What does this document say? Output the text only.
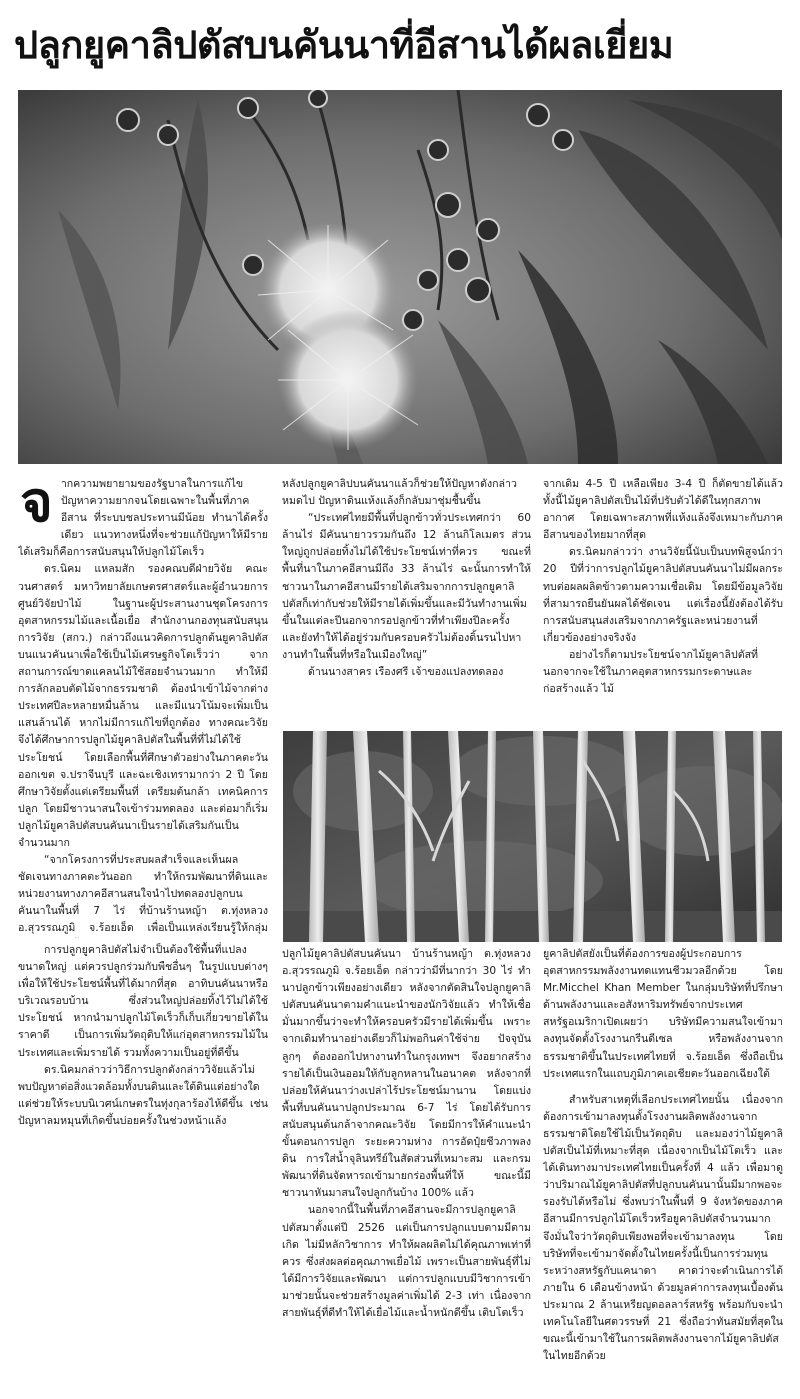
ปลูกยูคาลิปตัสบนคันนาที่อีสานได้ผลเยี่ยม

จากความพยายามของรัฐบาลในการแก้ไขปัญหาความยากจนโดยเฉพาะในพื้นที่ภาคอีสาน ที่ระบบชลประทานมีน้อย ทำนาได้ครั้งเดียว แนวทางหนึ่งที่จะช่วยแก้ปัญหาให้มีรายได้เสริมก็คือการสนับสนุนให้ปลูกไม้โตเร็ว

ดร.นิคม แหลมสัก รองคณบดีฝ่ายวิจัย คณะวนศาสตร์ มหาวิทยาลัยเกษตรศาสตร์และผู้อำนวยการศูนย์วิจัยป่าไม้ ในฐานะผู้ประสานงานชุดโครงการอุตสาหกรรมไม้และเนื้อเยื่อ สำนักงานกองทุนสนับสนุนการวิจัย (สกว.) กล่าวถึงแนวคิดการปลูกต้นยูคาลิปตัสบนแนวคันนาเพื่อใช้เป็นไม้เศรษฐกิจโตเร็วว่า จากสถานการณ์ขาดแคลนไม้ใช้สอยจำนวนมาก ทำให้มีการลักลอบตัดไม้จากธรรมชาติ ต้องนำเข้าไม้จากต่างประเทศปีละหลายหมื่นล้าน และมีแนวโน้มจะเพิ่มเป็นแสนล้านได้ หากไม่มีการแก้ไขที่ถูกต้อง ทางคณะวิจัยจึงได้ศึกษาการปลูกไม้ยูคาลิปตัสในพื้นที่ที่ไม่ได้ใช้ประโยชน์ โดยเลือกพื้นที่ศึกษาตัวอย่างในภาคตะวันออกเขต จ.ปราจีนบุรี และฉะเชิงเทรามากว่า 2 ปี โดยศึกษาวิจัยตั้งแต่เตรียมพื้นที่ เตรียมต้นกล้า เทคนิคการปลูก โดยมีชาวนาสนใจเข้าร่วมทดลอง และต่อมาก็เริ่มปลูกไม้ยูคาลิปตัสบนคันนาเป็นรายได้เสริมกันเป็นจำนวนมาก

“จากโครงการที่ประสบผลสำเร็จและเห็นผลชัดเจนทางภาคตะวันออก ทำให้กรมพัฒนาที่ดินและหน่วยงานทางภาคอีสานสนใจนำไปทดลองปลูกบนคันนาในพื้นที่ 7 ไร่ ที่บ้านร้านหญ้า ต.ทุ่งหลวง อ.สุวรรณภูมิ จ.ร้อยเอ็ด เพื่อเป็นแหล่งเรียนรู้ให้กลุ่ม

หลังปลูกยูคาลิปบนคันนาแล้วก็ช่วยให้ปัญหาดังกล่าวหมดไป ปัญหาดินแห้งแล้งก็กลับมาชุ่มชื้นขึ้น

“ประเทศไทยมีพื้นที่ปลูกข้าวทั่วประเทศกว่า 60 ล้านไร่ มีคันนายาวรวมกันถึง 12 ล้านกิโลเมตร ส่วนใหญ่ถูกปล่อยทิ้งไม่ได้ใช้ประโยชน์เท่าที่ควร ขณะที่พื้นที่นาในภาคอีสานมีถึง 33 ล้านไร่ ฉะนั้นการทำให้ชาวนาในภาคอีสานมีรายได้เสริมจากการปลูกยูคาลิปตัสก็เท่ากับช่วยให้มีรายได้เพิ่มขึ้นและมีวันทำงานเพิ่มขึ้นในแต่ละปีนอกจากรอปลูกข้าวที่ทำเพียงปีละครั้ง และยังทำให้ได้อยู่ร่วมกับครอบครัวไม่ต้องดิ้นรนไปหางานทำในพื้นที่หรือในเมืองใหญ่”

ด้านนางสาคร เรืองศรี เจ้าของแปลงทดลอง

จากเดิม 4-5 ปี เหลือเพียง 3-4 ปี ก็ตัดขายได้แล้ว ทั้งนี้ไม้ยูคาลิปตัสเป็นไม้ที่ปรับตัวได้ดีในทุกสภาพอากาศ โดยเฉพาะสภาพที่แห้งแล้งจึงเหมาะกับภาคอีสานของไทยมากที่สุด

ดร.นิคมกล่าวว่า งานวิจัยนี้นับเป็นบทพิสูจน์กว่า 20 ปีที่ว่าการปลูกไม้ยูคาลิปตัสบนคันนาไม่มีผลกระทบต่อผลผลิตข้าวตามความเชื่อเดิม โดยมีข้อมูลวิจัยที่สามารถยืนยันผลได้ชัดเจน แต่เรื่องนี้ยังต้องได้รับการสนับสนุนส่งเสริมจากภาครัฐและหน่วยงานที่เกี่ยวข้องอย่างจริงจัง

อย่างไรก็ตามประโยชน์จากไม้ยูคาลิปตัสที่นอกจากจะใช้ในภาคอุตสาหกรรมกระดาษและก่อสร้างแล้ว ไม้

การปลูกยูคาลิปตัสไม่จำเป็นต้องใช้พื้นที่แปลงขนาดใหญ่ แต่ควรปลูกร่วมกับพืชอื่นๆ ในรูปแบบต่างๆ เพื่อให้ใช้ประโยชน์พื้นที่ได้มากที่สุด อาทิบนคันนาหรือบริเวณรอบบ้าน ซึ่งส่วนใหญ่ปล่อยทิ้งไว้ไม่ได้ใช้ประโยชน์ หากนำมาปลูกไม้โตเร็วก็เก็บเกี่ยวขายได้ในราคาดี เป็นการเพิ่มวัตถุดิบให้แก่อุตสาหกรรมไม้ในประเทศและเพิ่มรายได้ รวมทั้งความเป็นอยู่ที่ดีขึ้น

ดร.นิคมกล่าวว่าวิธีการปลูกดังกล่าววิจัยแล้วไม่พบปัญหาต่อสิ่งแวดล้อมทั้งบนดินและใต้ดินแต่อย่างใด แต่ช่วยให้ระบบนิเวศน์เกษตรในทุ่งกุลาร้องไห้ดีขึ้น เช่น ปัญหาลมหมุนที่เกิดขึ้นบ่อยครั้งในช่วงหน้าแล้ง

ปลูกไม้ยูคาลิปตัสบนคันนา บ้านร้านหญ้า ต.ทุ่งหลวง อ.สุวรรณภูมิ จ.ร้อยเอ็ด กล่าวว่ามีที่นากว่า 30 ไร่ ทำนาปลูกข้าวเพียงอย่างเดียว หลังจากตัดสินใจปลูกยูคาลิปตัสบนคันนาตามคำแนะนำของนักวิจัยแล้ว ทำให้เชื่อมั่นมากขึ้นว่าจะทำให้ครอบครัวมีรายได้เพิ่มขึ้น เพราะจากเดิมทำนาอย่างเดียวก็ไม่พอกินค่าใช้จ่าย ปัจจุบันลูกๆ ต้องออกไปหางานทำในกรุงเทพฯ จึงอยากสร้างรายได้เป็นเงินออมให้กับลูกหลานในอนาคต หลังจากที่ปล่อยให้คันนาว่างเปล่าไร้ประโยชน์มานาน โดยแบ่งพื้นที่บนคันนาปลูกประมาณ 6-7 ไร่ โดยได้รับการสนับสนุนต้นกล้าจากคณะวิจัย โดยมีการให้คำแนะนำขั้นตอนการปลูก ระยะความห่าง การอัดปุ๋ยชีวภาพลงดิน การใส่น้ำจุลินทรีย์ในสัดส่วนที่เหมาะสม และกรมพัฒนาที่ดินจัดหารถเข้ามายกร่องพื้นที่ให้ ขณะนี้มีชาวนาหันมาสนใจปลูกกันบ้าง 100% แล้ว

นอกจากนี้ในพื้นที่ภาคอีสานจะมีการปลูกยูคาลิปตัสมาตั้งแต่ปี 2526 แต่เป็นการปลูกแบบตามมีตามเกิด ไม่มีหลักวิชาการ ทำให้ผลผลิตไม่ได้คุณภาพเท่าที่ควร ซึ่งส่งผลต่อคุณภาพเยื่อไม้ เพราะเป็นสายพันธุ์ที่ไม่ได้มีการวิจัยและพัฒนา แต่การปลูกแบบมีวิชาการเข้ามาช่วยนั้นจะช่วยสร้างมูลค่าเพิ่มได้ 2-3 เท่า เนื่องจากสายพันธุ์ที่ดีทำให้ได้เยื่อไม้และน้ำหนักดีขึ้น เติบโตเร็ว

ยูคาลิปตัสยังเป็นที่ต้องการของผู้ประกอบการอุตสาหกรรมพลังงานทดแทนชีวมวลอีกด้วย โดย Mr.Micchel Khan Member ในกลุ่มบริษัทที่ปรึกษาด้านพลังงานและอสังหาริมทรัพย์จากประเทศสหรัฐอเมริกาเปิดเผยว่า บริษัทมีความสนใจเข้ามาลงทุนจัดตั้งโรงงานกรีนดีเซล หรือพลังงานจากธรรมชาติขึ้นในประเทศไทยที่ จ.ร้อยเอ็ด ซึ่งถือเป็นประเทศแรกในแถบภูมิภาคเอเชียตะวันออกเฉียงใต้

สำหรับสาเหตุที่เลือกประเทศไทยนั้น เนื่องจากต้องการเข้ามาลงทุนตั้งโรงงานผลิตพลังงานจากธรรมชาติโดยใช้ไม้เป็นวัตถุดิบ และมองว่าไม้ยูคาลิปตัสเป็นไม้ที่เหมาะที่สุด เนื่องจากเป็นไม้โตเร็ว และได้เดินทางมาประเทศไทยเป็นครั้งที่ 4 แล้ว เพื่อมาดูว่าปริมาณไม้ยูคาลิปตัสที่ปลูกบนคันนานั้นมีมากพอจะรองรับได้หรือไม่ ซึ่งพบว่าในพื้นที่ 9 จังหวัดของภาคอีสานมีการปลูกไม้โตเร็วหรือยูคาลิปตัสจำนวนมาก จึงมั่นใจว่าวัตถุดิบเพียงพอที่จะเข้ามาลงทุน โดยบริษัทที่จะเข้ามาจัดตั้งในไทยครั้งนี้เป็นการร่วมทุนระหว่างสหรัฐกับแคนาดา คาดว่าจะดำเนินการได้ภายใน 6 เดือนข้างหน้า ด้วยมูลค่าการลงทุนเบื้องต้นประมาณ 2 ล้านเหรียญดอลลาร์สหรัฐ พร้อมกับจะนำเทคโนโลยีในศตวรรษที่ 21 ซึ่งถือว่าทันสมัยที่สุดในขณะนี้เข้ามาใช้ในการผลิตพลังงานจากไม้ยูคาลิปตัสในไทยอีกด้วย
